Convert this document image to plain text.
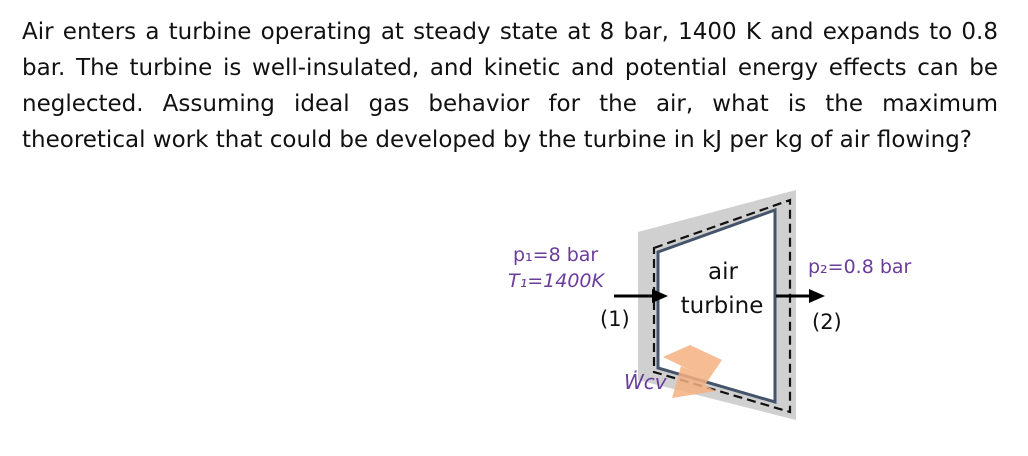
Air enters a turbine operating at steady state at 8 bar, 1400 K and expands to 0.8 bar. The turbine is well-insulated, and kinetic and potential energy effects can be neglected. Assuming ideal gas behavior for the air, what is the maximum theoretical work that could be developed by the turbine in kJ per kg of air flowing?

p₁=8 bar
T₁=1400K
(1)
p₂=0.8 bar
(2)
air
turbine
Ẇcv
